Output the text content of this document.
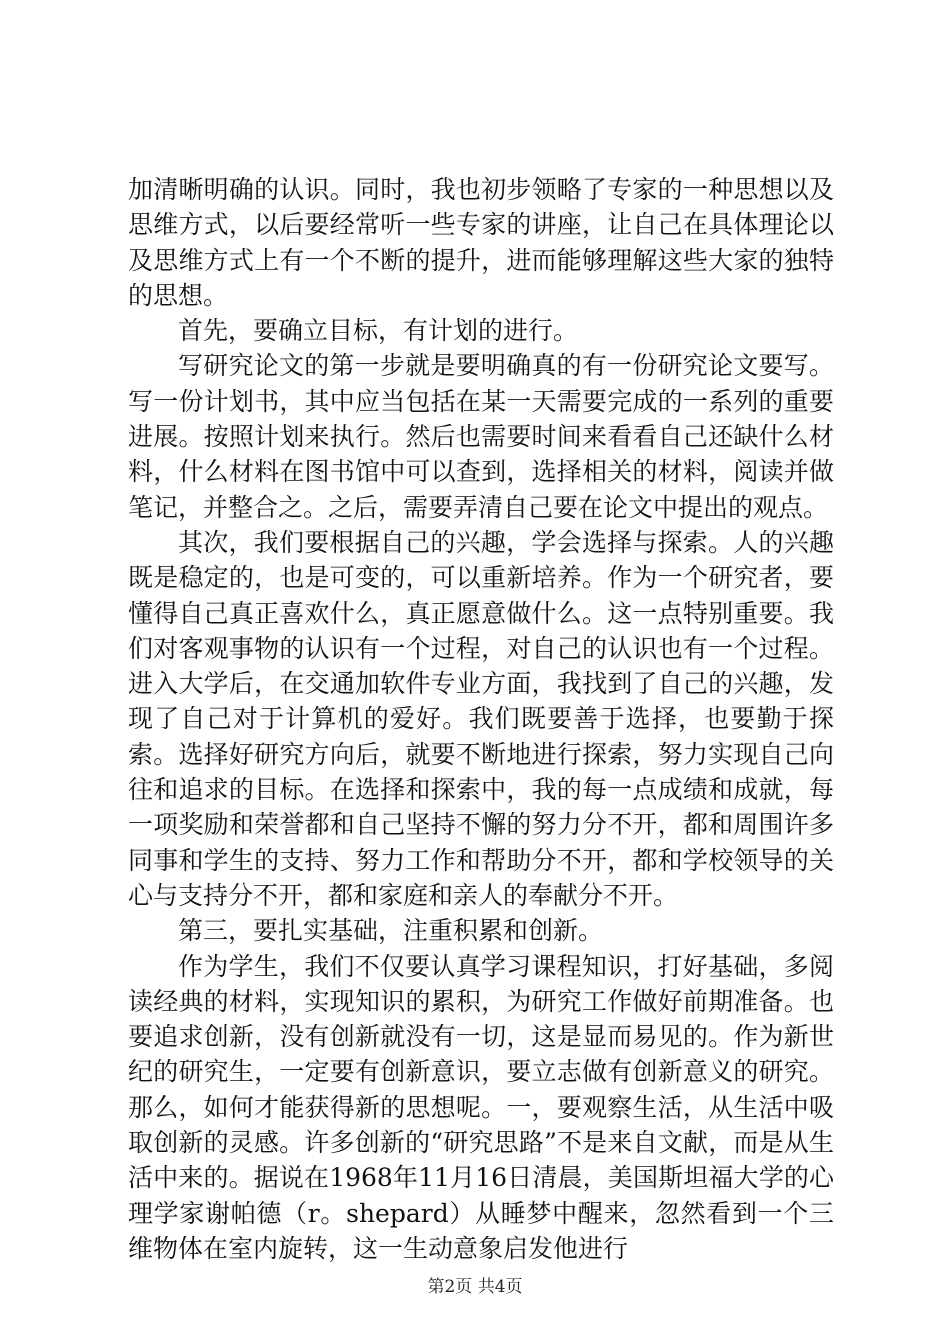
加清晰明确的认识。同时，我也初步领略了专家的一种思想以及思维方式，以后要经常听一些专家的讲座，让自己在具体理论以及思维方式上有一个不断的提升，进而能够理解这些大家的独特的思想。

首先，要确立目标，有计划的进行。

写研究论文的第一步就是要明确真的有一份研究论文要写。写一份计划书，其中应当包括在某一天需要完成的一系列的重要进展。按照计划来执行。然后也需要时间来看看自己还缺什么材料，什么材料在图书馆中可以查到，选择相关的材料，阅读并做笔记，并整合之。之后，需要弄清自己要在论文中提出的观点。

其次，我们要根据自己的兴趣，学会选择与探索。人的兴趣既是稳定的，也是可变的，可以重新培养。作为一个研究者，要懂得自己真正喜欢什么，真正愿意做什么。这一点特别重要。我们对客观事物的认识有一个过程，对自己的认识也有一个过程。进入大学后，在交通加软件专业方面，我找到了自己的兴趣，发现了自己对于计算机的爱好。我们既要善于选择，也要勤于探索。选择好研究方向后，就要不断地进行探索，努力实现自己向往和追求的目标。在选择和探索中，我的每一点成绩和成就，每一项奖励和荣誉都和自己坚持不懈的努力分不开，都和周围许多同事和学生的支持、努力工作和帮助分不开，都和学校领导的关心与支持分不开，都和家庭和亲人的奉献分不开。

第三，要扎实基础，注重积累和创新。

作为学生，我们不仅要认真学习课程知识，打好基础，多阅读经典的材料，实现知识的累积，为研究工作做好前期准备。也要追求创新，没有创新就没有一切，这是显而易见的。作为新世纪的研究生，一定要有创新意识，要立志做有创新意义的研究。那么，如何才能获得新的思想呢。一，要观察生活，从生活中吸取创新的灵感。许多创新的“研究思路”不是来自文献，而是从生活中来的。据说在1968年11月16日清晨，美国斯坦福大学的心理学家谢帕德（r。shepard）从睡梦中醒来，忽然看到一个三维物体在室内旋转，这一生动意象启发他进行

第2页 共4页
